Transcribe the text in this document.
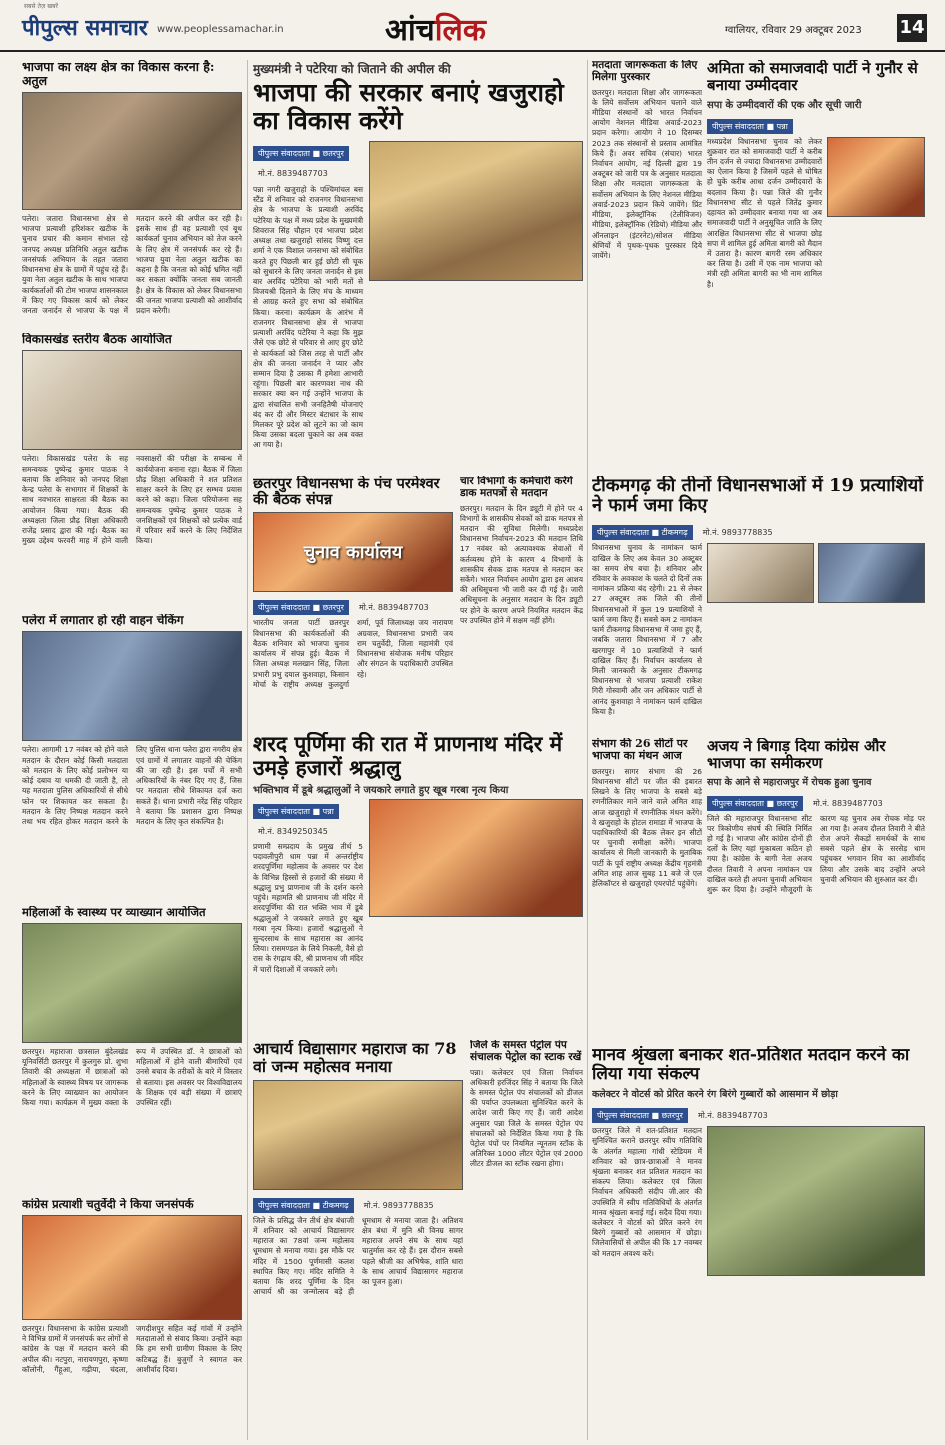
सबसे तेज़ खबरें
पीपुल्स समाचार www.peoplessamachar.in	आंचलिक	ग्वालियर, रविवार 29 अक्टूबर 2023 14
भाजपा का लक्ष्य क्षेत्र का विकास करना है: अतुल
पलेरा। जतारा विधानसभा क्षेत्र से भाजपा प्रत्याशी हरिशंकर खटीक के चुनाव प्रचार की कमान संभाल रहे जनपद अध्यक्ष प्रतिनिधि अतुल खटीक जनसंपर्क अभियान के तहत जतारा विधानसभा क्षेत्र के ग्रामों में पहुंच रहे हैं। युवा नेता अतुल खटीक के साथ भाजपा कार्यकर्ताओं की टोम भाजपा शासनकाल में किए गए विकास कार्य को लेकर जनता जनार्दन से भाजपा के पक्ष में मतदान करने की अपील कर रही है। इसके साथ ही वह प्रत्याशी एवं बूथ कार्यकर्ता चुनाव अभियान को तेज करने के लिए क्षेत्र में जनसंपर्क कर रहे हैं। भाजपा युवा नेता अतुल खटीक का कहना है कि जनता को कोई भ्रमित नहीं कर सकता क्योंकि जनता सब जानती है। क्षेत्र के विकास को लेकर विधानसभा की जनता भाजपा प्रत्याशी को आशीर्वाद प्रदान करेगी।
विकासखंड स्तरीय बैठक आयोजित
पलेरा। विकासखंड पलेरा के सह समन्वयक पुष्पेन्द्र कुमार पाठक ने बताया कि शनिवार को जनपद शिक्षा केन्द्र पलेरा के सभागार में शिक्षकों के साथ नवभारत साक्षरता की बैठक का आयोजन किया गया। बैठक की अध्यक्षता जिला प्रौढ़ शिक्षा अधिकारी राजेंद्र प्रसाद द्वारा की गई। बैठक का मुख्य उद्देश्य फरवरी माह में होने वाली नवसाक्षरों की परीक्षा के सम्बन्ध में कार्ययोजना बनाना रहा। बैठक में जिला प्रौढ़ शिक्षा अधिकारी ने शत प्रतिशत साक्षर करने के लिए हर सम्भव प्रयास करने को कहा। जिला परियोजना सह समन्वयक पुष्पेन्द्र कुमार पाठक ने जनशिक्षकों एवं शिक्षकों को प्रत्येक वार्ड में परिवार सर्वे करने के लिए निर्देशित किया।
पलेरा में लगातार हो रही वाहन चेकिंग
पलेरा। आगामी 17 नवंबर को होने वाले मतदान के दौरान कोई किसी मतदाता को मतदान के लिए कोई प्रलोभन या कोई दबाव या धमकी दी जाती है, तो यह मतदाता पुलिस अधिकारियों से सीधे फोन पर शिकायत कर सकता है। मतदान के लिए निष्पक्ष मतदान करने तथा भय रहित होकर मतदान करने के लिए पुलिस थाना पलेरा द्वारा नगरीय क्षेत्र एवं ग्रामों में लगातार वाहनों की चेकिंग की जा रही है। इस पर्चों में सभी अधिकारियों के नंबर दिए गए हैं, जिस पर मतदाता सीधे शिकायत दर्ज करा सकते हैं। थाना प्रभारी नरेंद्र सिंह परिहार ने बताया कि प्रशासन द्वारा निष्पक्ष मतदान के लिए कृत संकल्पित है।
महिलाओं के स्वास्थ्य पर व्याख्यान आयोजित
छतरपुर। महाराजा छत्रसाल बुंदेलखंड यूनिवर्सिटी छतरपुर में कुलगुरु प्रो. शुभा तिवारी की अध्यक्षता में छात्राओं को महिलाओं के स्वास्थ्य विषय पर जागरूक करने के लिए व्याख्यान का आयोजन किया गया। कार्यक्रम में मुख्य वक्ता के रूप में उपस्थित डॉ. ने छात्राओं को महिलाओं में होने वाली बीमारियों एवं उनसे बचाव के तरीकों के बारे में विस्तार से बताया। इस अवसर पर विश्वविद्यालय के शिक्षक एवं बड़ी संख्या में छात्राएं उपस्थित रहीं।
कांग्रेस प्रत्याशी चतुर्वेदी ने किया जनसंपर्क
छतरपुर। विधानसभा के कांग्रेस प्रत्याशी ने विभिन्न ग्रामों में जनसंपर्क कर लोगों से कांग्रेस के पक्ष में मतदान करने की अपील की। नटपुरा, नारायणपुरा, कृष्णा कॉलोनी, गैंहूआ, गढ़ीया, चंदला, जगदीशपुर सहित कई गांवों में उन्होंने मतदाताओं से संवाद किया। उन्होंने कहा कि हम सभी ग्रामीण विकास के लिए कटिबद्ध हैं। बुजुर्गों ने स्वागत कर आशीर्वाद दिया।
मुख्यमंत्री ने पटेरिया को जिताने की अपील की
भाजपा की सरकार बनाएं खजुराहो का विकास करेंगे
पीपुल्स संवाददाता ■ छतरपुर मो.नं. 8839487703
पन्ना नगरी खजुराहो के पश्चिमांचल बस स्टैंड में शनिवार को राजनगर विधानसभा क्षेत्र के भाजपा के प्रत्याशी अरविंद पटेरिया के पक्ष में मध्य प्रदेश के मुख्यमंत्री शिवराज सिंह चौहान एवं भाजपा प्रदेश अध्यक्ष तथा खजुराहो सांसद विष्णु दत्त शर्मा ने एक विशाल जनसभा को संबोधित करते हुए पिछली बार हुई छोटी सी चूक को सुधारने के लिए जनता जनार्दन से इस बार अरविंद पटेरिया को भारी मतों से विजयश्री दिलाने के लिए मंच के माध्यम से आग्रह करते हुए सभा को संबोधित किया। करना। कार्यक्रम के आरंभ में राजनगर विधानसभा क्षेत्र से भाजपा प्रत्याशी अरविंद पटेरिया ने कहा कि मुझ जैसे एक छोटे से परिवार से आए हुए छोटे से कार्यकर्ता को जिस तरह से पार्टी और क्षेत्र की जनता जनार्दन ने प्यार और सम्मान दिया है उसका मैं हमेशा आभारी रहूंगा। पिछली बार कारणवश नाथ की सरकार क्या बन गई उन्होंने भाजपा के द्वारा संचालित सभी जनहितैषी योजनाएं बंद कर दी और मिस्टर बंटाधार के साथ मिलकर पूरे प्रदेश को लूटने का जो काम किया उसका बदला चुकाने का अब वक्त आ गया है।
छतरपुर विधानसभा के पंच परमेश्वर की बैठक संपन्न
चुनाव कार्यालय
पीपुल्स संवाददाता ■ छतरपुर मो.नं. 8839487703
भारतीय जनता पार्टी छतरपुर विधानसभा की कार्यकर्ताओं की बैठक शनिवार को भाजपा चुनाव कार्यालय में संपन्न हुई। बैठक में जिला अध्यक्ष मलखान सिंह, जिला प्रभारी प्रभु दयाल कुशवाहा, किसान मोर्चा के राष्ट्रीय अध्यक्ष कुलदुर्गा शर्मा, पूर्व जिलाध्यक्ष जय नारायण अग्रवाल, विधानसभा प्रभारी जय राम चतुर्वेदी, जिला महामंत्री एवं विधानसभा संयोजक मनीष परिहार और संगठन के पदाधिकारी उपस्थित रहे।
चार विभागों के कर्मचारी करेंगे डाक मतपत्रों से मतदान
छतरपुर। मतदान के दिन ड्यूटी में होने पर 4 विभागों के शासकीय सेवकों को डाक मतपत्र से मतदान की सुविधा मिलेगी। मध्यप्रदेश विधानसभा निर्वाचन-2023 की मतदान तिथि 17 नवंबर को अत्यावश्यक सेवाओं में कर्तव्यस्थ होने के कारण 4 विभागों के शासकीय सेवक डाक मतपत्र से मतदान कर सकेंगे। भारत निर्वाचन आयोग द्वारा इस आशय की अधिसूचना भी जारी कर दी गई है। जारी अधिसूचना के अनुसार मतदान के दिन ड्यूटी पर होने के कारण अपने नियमित मतदान केंद्र पर उपस्थित होने में सक्षम नहीं होंगे।
शरद पूर्णिमा की रात में प्राणनाथ मंदिर में उमड़े हजारों श्रद्धालु
भक्तिभाव में डूबे श्रद्धालुओं ने जयकारे लगाते हुए खूब गरबा नृत्य किया
पीपुल्स संवाददाता ■ पन्ना मो.नं. 8349250345
प्रणामी सम्प्रदाय के प्रमुख तीर्थ 5 पदावलीपुरी धाम पन्ना में अन्तर्राष्ट्रीय शरदपूर्णिमा महोत्सव के अवसर पर देश के विभिन्न हिस्सों से हजारों की संख्या में श्रद्धालु प्रभु प्राणनाथ जी के दर्शन करने पहुंचे। महामति श्री प्राणनाथ जी मंदिर में शरदपूर्णिमा की रात भक्ति भाव में डूबे श्रद्धालुओं ने जयकारे लगाते हुए खूब गरबा नृत्य किया। हजारों श्रद्धालुओं ने सुन्दरसाथ के साथ महारास का आनंद लिया। रासमण्डल के लिये निकली, वैसे हो रास के रंगढ़ाय की, श्री प्राणनाथ जी मंदिर में चारों दिशाओं में जयकारे लगे।
आचार्य विद्यासागर महाराज का 78 वां जन्म महोत्सव मनाया
पीपुल्स संवाददाता ■ टीकमगढ़ मो.नं. 9893778835
जिले के प्रसिद्ध जैन तीर्थ क्षेत्र बंधाजी में शनिवार को आचार्य विद्यासागर महाराज का 78वां जन्म महोत्सव धूमधाम से मनाया गया। इस मौके पर मंदिर में 1500 पूर्णमासी कलश स्थापित किए गए। मंदिर समिति ने बताया कि शरद पूर्णिमा के दिन आचार्य श्री का जन्मोत्सव बड़े ही धूमधाम से मनाया जाता है। अतिशय क्षेत्र बंधा में मुनि श्री विनम्र सागर महाराज अपने संघ के साथ यहां चातुर्मास कर रहे हैं। इस दौरान सबसे पहले श्रीजी का अभिषेक, शांति धारा के साथ आचार्य विद्यासागर महाराज का पूजन हुआ।
जिले के समस्त पेट्रोल पंप संचालक पेट्रोल का स्टाक रखें
पन्ना। कलेक्टर एवं जिला निर्वाचन अधिकारी हरजिंदर सिंह ने बताया कि जिले के समस्त पेट्रोल पंप संचालकों को डीजल की पर्याप्त उपलब्धता सुनिश्चित करने के आदेश जारी किए गए हैं। जारी आदेश अनुसार पन्ना जिले के समस्त पेट्रोल पंप संचालकों को निर्देशित किया गया है कि पेट्रोल पंपों पर नियमित न्यूनतम स्टॉक के अतिरिक्त 1000 लीटर पेट्रोल एवं 2000 लीटर डीजल का स्टॉक रखना होगा।
मतदाता जागरूकता के लिए मिलेगा पुरस्कार
छतरपुर। मतदाता शिक्षा और जागरूकता के लिये सर्वोत्तम अभियान चलाने वाले मीडिया संस्थानों को भारत निर्वाचन आयोग नेशनल मीडिया अवार्ड-2023 प्रदान करेगा। आयोग ने 10 दिसम्बर 2023 तक संस्थानों से प्रस्ताव आमंत्रित किये हैं। अवर सचिव (संचार) भारत निर्वाचन आयोग, नई दिल्ली द्वारा 19 अक्टूबर को जारी पत्र के अनुसार मतदाता शिक्षा और मतदाता जागरूकता के सर्वोत्तम अभियान के लिए नेशनल मीडिया अवार्ड-2023 प्रदान किये जायेंगे। प्रिंट मीडिया, इलेक्ट्रॉनिक (टेलीविजन) मीडिया, इलेक्ट्रॉनिक (रेडियो) मीडिया और ऑनलाइन (इंटरनेट)/सोशल मीडिया श्रेणियों में पृथक-पृथक पुरस्कार दिये जायेंगे।
अमिता को समाजवादी पार्टी ने गुनौर से बनाया उम्मीदवार
सपा के उम्मीदवारों की एक और सूची जारी
पीपुल्स संवाददाता ■ पन्ना
मध्यप्रदेश विधानसभा चुनाव को लेकर शुक्रवार रात को समाजवादी पार्टी ने करीब तीन दर्जन से ज्यादा विधानसभा उम्मीदवारों का ऐलान किया है जिसमें पहले से घोषित हो चुके करीब आधा दर्जन उम्मीदवारों के बदलाव किया है। पन्ना जिले की गुनौर विधानसभा सीट से पहले जितेंद्र कुमार दहायत को उम्मीदवार बनाया गया था अब समाजवादी पार्टी ने अनुसूचित जाति के लिए आरक्षित विधानसभा सीट से भाजपा छोड़ सपा में शामिल हुई अमिता बागरी को मैदान में उतारा है। कारण बागरी रस्म अधिकार कर लिया है। उसी में एक नाम भाजपा को मंत्री रही अमिता बागरी का भी नाम शामिल है।
टीकमगढ़ की तीनों विधानसभाओं में 19 प्रत्याशियों ने फार्म जमा किए
पीपुल्स संवाददाता ■ टीकमगढ़ मो.नं. 9893778835
विधानसभा चुनाव के नामांकन फार्म दाखिल के लिए अब केवल 30 अक्टूबर का समय शेष बचा है। शनिवार और रविवार के अवकाश के चलते दो दिनों तक नामांकन प्रक्रिया बंद रहेगी। 21 से लेकर 27 अक्टूबर तक जिले की तीनों विधानसभाओं में कुल 19 प्रत्याशियों ने फार्म जमा किए हैं। सबसे कम 2 नामांकन फार्म टीकमगढ़ विधानसभा में जमा हुए हैं, जबकि जतारा विधानसभा में 7 और खरगापुर में 10 प्रत्याशियों ने फार्म दाखिल किए हैं। निर्वाचन कार्यालय से मिली जानकारी के अनुसार टीकमगढ़ विधानसभा से भाजपा प्रत्याशी राकेश गिरी गोस्वामी और जन अधिकार पार्टी से आनंद कुशवाहा ने नामांकन फार्म दाखिल किया है।
संभाग की 26 सीटों पर भाजपा का मंथन आज
छतरपुर। सागर संभाग की 26 विधानसभा सीटों पर जीत की इबारत लिखने के लिए भाजपा के सबसे बड़े रणनीतिकार माने जाने वाले अमित शाह आज खजुराहो में रणनीतिक मंथन करेंगे। वे खजुराहो के होटल रामाडा में भाजपा के पदाधिकारियों की बैठक लेकर इन सीटों पर चुनावी समीक्षा करेंगे। भाजपा कार्यालय से मिली जानकारी के मुताबिक पार्टी के पूर्व राष्ट्रीय अध्यक्ष केंद्रीय गृहमंत्री अमित शाह आज सुबह 11 बजे जे एल हेलिकॉप्टर से खजुराहो एयरपोर्ट पहुंचेंगे।
अजय ने बिगाड़ दिया कांग्रेस और भाजपा का समीकरण
सपा के आने से महाराजपुर में रोचक हुआ चुनाव
पीपुल्स संवाददाता ■ छतरपुर मो.नं. 8839487703
जिले की महाराजपुर विधानसभा सीट पर त्रिकोणीय संघर्ष की स्थिति निर्मित हो गई है। भाजपा और कांग्रेस दोनों ही दलों के लिए यहां मुकाबला कठिन हो गया है। कांग्रेस के बागी नेता अजय दौलत तिवारी ने अपना नामांकन पत्र दाखिल करते ही अपना चुनावी अभियान शुरू कर दिया है। उन्होंने मौजूदगी के कारण यह चुनाव अब रोचक मोड़ पर आ गया है। अजय दौलत तिवारी ने बीते रोज अपने सैकड़ों समर्थकों के साथ सबसे पहले क्षेत्र के सरसेड़ धाम पहुंचकर भगवान शिव का आशीर्वाद लिया और उसके बाद उन्होंने अपने चुनावी अभियान की शुरुआत कर दी।
मानव श्रृंखला बनाकर शत-प्रतिशत मतदान करने का लिया गया संकल्प
कलेक्टर ने वोटर्स को प्रेरित करने रंग बिरंगे गुब्बारों को आसमान में छोड़ा
पीपुल्स संवाददाता ■ छतरपुर मो.नं. 8839487703
छतरपुर जिले में शत-प्रतिशत मतदान सुनिश्चित कराने छतरपुर स्वीप गतिविधि के अंतर्गत महात्मा गांधी स्टेडियम में शनिवार को छात्र-छात्राओं ने मानव श्रृंखला बनाकर शत प्रतिशत मतदान का संकल्प लिया। कलेक्टर एवं जिला निर्वाचन अधिकारी संदीप जी.आर की उपस्थिति में स्वीप गतिविधियों के अंतर्गत मानव श्रृंखला बनाई गई। सदैव दिया गया। कलेक्टर ने वोटर्स को प्रेरित करने रंग बिरंगे गुब्बारों को आसमान में छोड़ा। जिलेवासियों से अपील की कि 17 नवम्बर को मतदान अवश्य करें।
